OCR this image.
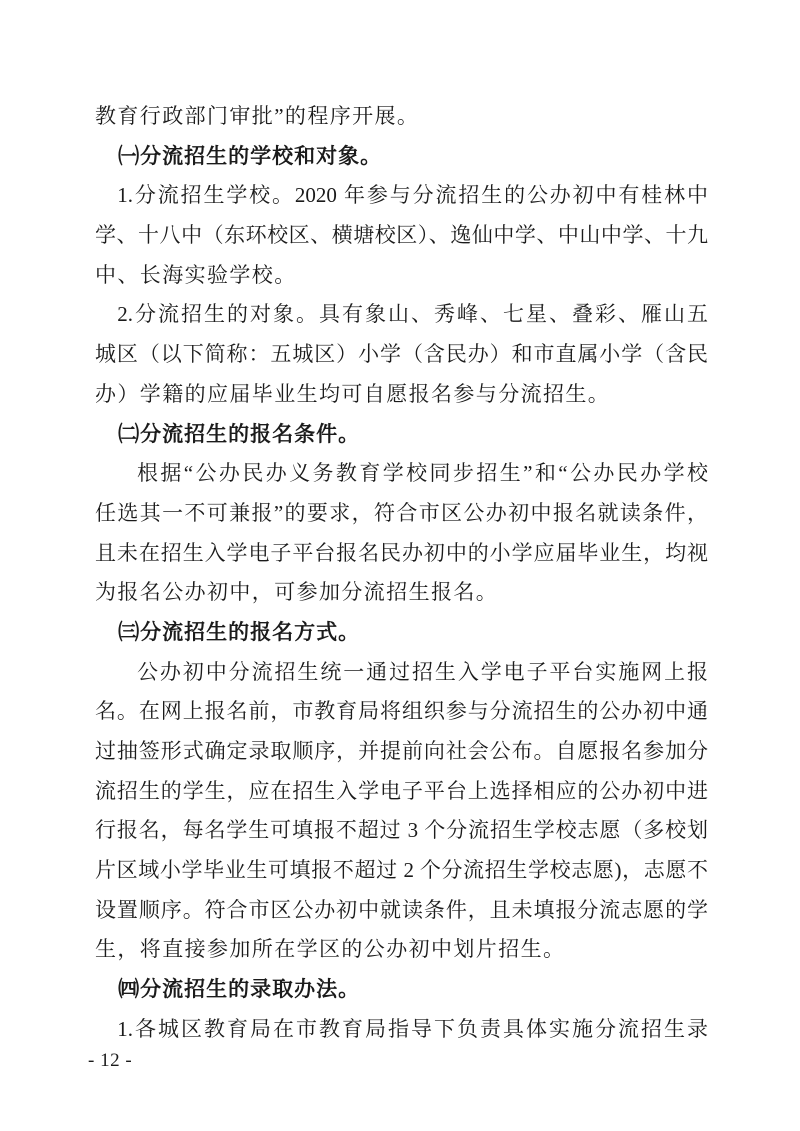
教育行政部门审批”的程序开展。
㈠分流招生的学校和对象。
1.分流招生学校。2020 年参与分流招生的公办初中有桂林中
学、十八中（东环校区、横塘校区）、逸仙中学、中山中学、十九
中、长海实验学校。
2.分流招生的对象。具有象山、秀峰、七星、叠彩、雁山五
城区（以下简称：五城区）小学（含民办）和市直属小学（含民
办）学籍的应届毕业生均可自愿报名参与分流招生。
㈡分流招生的报名条件。
根据“公办民办义务教育学校同步招生”和“公办民办学校
任选其一不可兼报”的要求，符合市区公办初中报名就读条件，
且未在招生入学电子平台报名民办初中的小学应届毕业生，均视
为报名公办初中，可参加分流招生报名。
㈢分流招生的报名方式。
公办初中分流招生统一通过招生入学电子平台实施网上报
名。在网上报名前，市教育局将组织参与分流招生的公办初中通
过抽签形式确定录取顺序，并提前向社会公布。自愿报名参加分
流招生的学生，应在招生入学电子平台上选择相应的公办初中进
行报名，每名学生可填报不超过 3 个分流招生学校志愿（多校划
片区域小学毕业生可填报不超过 2 个分流招生学校志愿)，志愿不
设置顺序。符合市区公办初中就读条件，且未填报分流志愿的学
生，将直接参加所在学区的公办初中划片招生。
㈣分流招生的录取办法。
1.各城区教育局在市教育局指导下负责具体实施分流招生录
- 12 -
